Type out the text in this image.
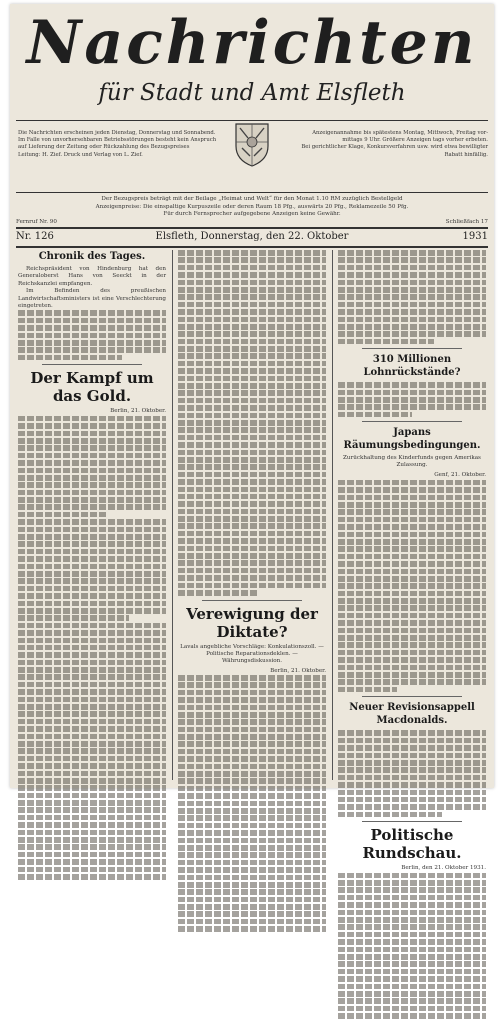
Nachrichten
für Stadt und Amt Elsfleth
Die Nachrichten erscheinen jeden Dienstag, Donnerstag und Sonnabend.
Im Falle von unvorhersehbaren Betriebsstörungen besteht kein Anspruch
auf Lieferung der Zeitung oder Rückzahlung des Bezugspreises
Leitung: H. Zief. Druck und Verlag von L. Zief.
Anzeigenannahme bis spätestens Montag, Mittwoch, Freitag vor-
mittags 9 Uhr. Größere Anzeigen tags vorher erbeten.
Bei gerichtlicher Klage, Konkursverfahren usw. wird etwa bewilligter
Rabatt hinfällig.
Der Bezugspreis beträgt mit der Beilage „Heimat und Welt“ für den Monat 1.10 RM zuzüglich Bestellgeld
Anzeigenpreise: Die einspaltige Kurpuszeile oder deren Raum 18 Pfg., auswärts 20 Pfg., Reklamezeile 50 Pfg.
Für durch Fernsprecher aufgegebene Anzeigen keine Gewähr.
Fernruf Nr. 90	Schließfach 17
Nr. 126	Elsfleth, Donnerstag, den 22. Oktober	1931
Chronik des Tages.

Reichspräsident von Hindenburg hat den Generaloberst Hans von Seeckt in der Reichskanzlei empfangen.

Im Befinden des preußischen Landwirtschaftsministers ist eine Verschlechterung eingetreten.

Der Kampf um das Gold.
Berlin, 21. Oktober.
Verewigung der Diktate?
Lavals angebliche Vorschläge: Konkulationszoll. — Politische Reparationsdeklen. — Währungsdiskussion.
Berlin, 21. Oktober.
310 Millionen Lohnrückstände?
Japans Räumungsbedingungen.
Zurückhaltung des Kinderfunds gegen Amerikas Zulassung.
Genf, 21. Oktober.
Neuer Revisionsappell Macdonalds.
Politische Rundschau.
Berlin, den 21. Oktober 1931.
